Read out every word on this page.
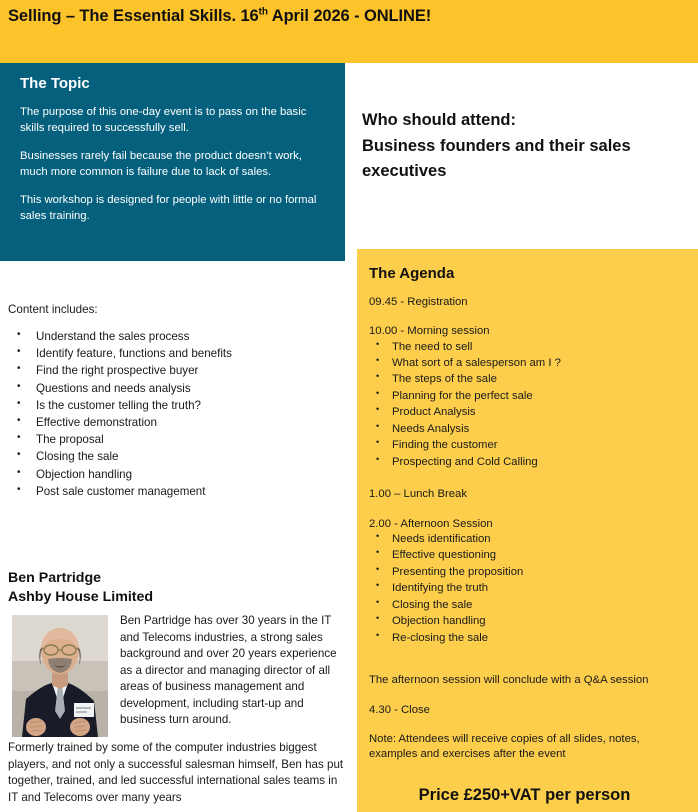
Selling – The Essential Skills. 16th April 2026 - ONLINE!
The Topic

The purpose of this one-day event is to pass on the basic skills required to successfully sell.

Businesses rarely fail because the product doesn’t work, much more common is failure due to lack of sales.

This workshop is designed for people with little or no formal sales training.

Who should attend:

Business founders and their sales

executives

Content includes:

• Understand the sales process
• Identify feature, functions and benefits
• Find the right prospective buyer
• Questions and needs analysis
• Is the customer telling the truth?
• Effective demonstration
• The proposal
• Closing the sale
• Objection handling
• Post sale customer management

Ben Partridge

Ashby House Limited

Ben Partridge has over 30 years in the IT and Telecoms industries, a strong sales background and over 20 years experience as a director and managing director of all areas of business management and development, including start-up and business turn around.

Formerly trained by some of the computer industries biggest players, and not only a successful salesman himself, Ben has put together, trained, and led successful international sales teams in IT and Telecoms over many years

The Agenda

09.45 - Registration

10.00 - Morning session

• The need to sell
• What sort of a salesperson am I ?
• The steps of the sale
• Planning for the perfect sale
• Product Analysis
• Needs Analysis
• Finding the customer
• Prospecting and Cold Calling

1.00 – Lunch Break

2.00 - Afternoon Session

• Needs identification
• Effective questioning
• Presenting the proposition
• Identifying the truth
• Closing the sale
• Objection handling
• Re-closing the sale

The afternoon session will conclude with a Q&A session

4.30 - Close

Note: Attendees will receive copies of all slides, notes,

examples and exercises after the event

Price £250+VAT per person
